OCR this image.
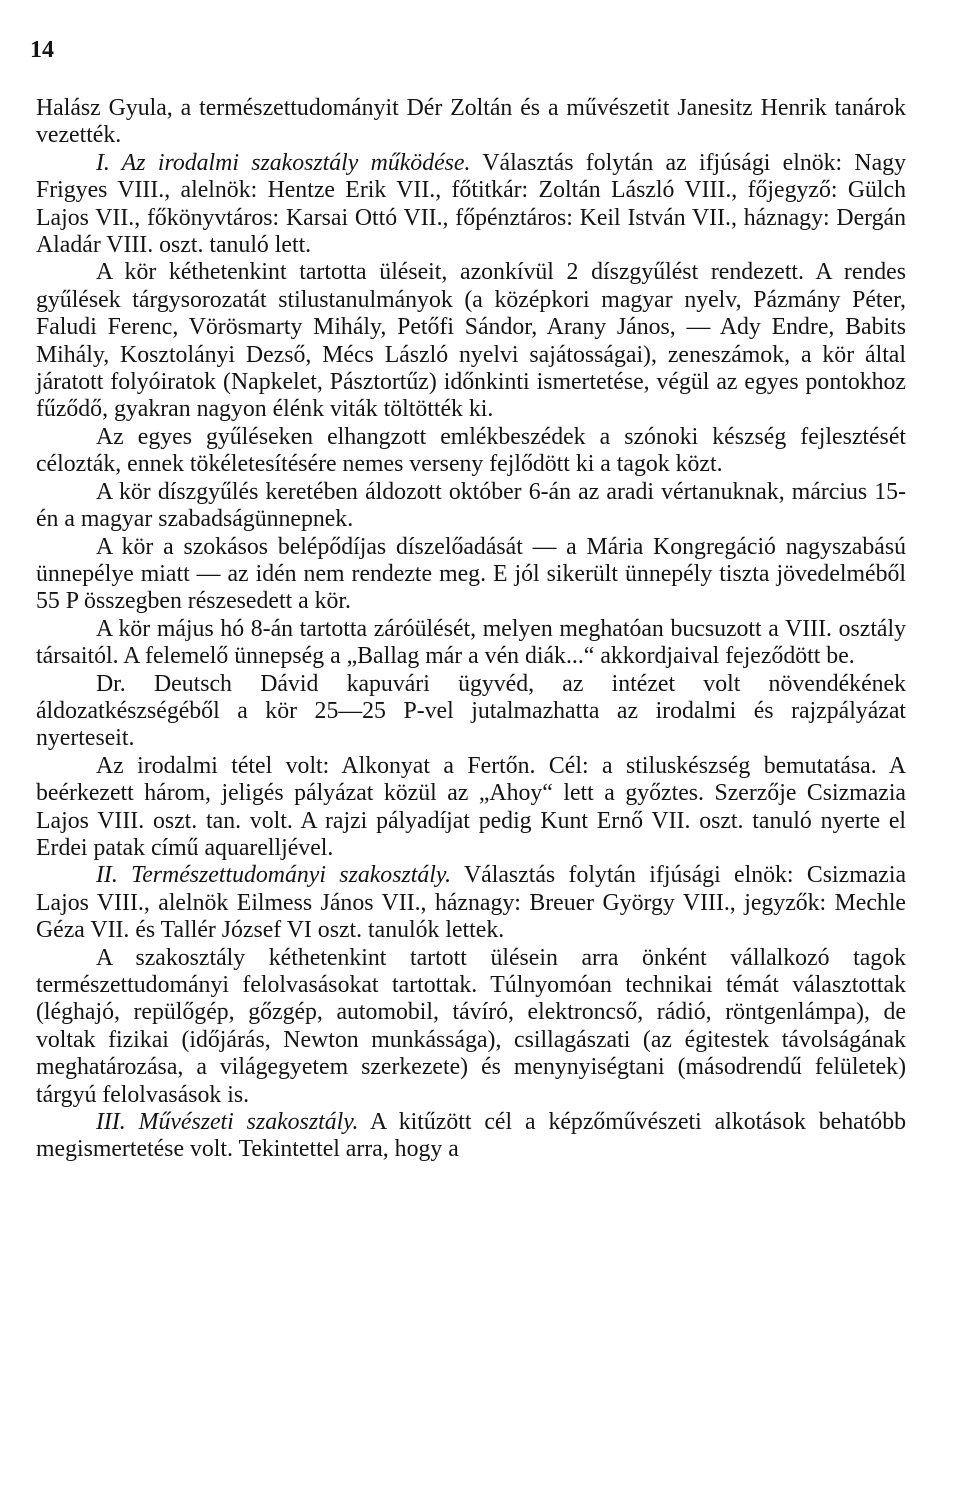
14

Halász Gyula, a természettudományit Dér Zoltán és a művészetit Janesitz Henrik tanárok vezették.

I. Az irodalmi szakosztály működése. Választás folytán az ifjúsági elnök: Nagy Frigyes VIII., alelnök: Hentze Erik VII., főtitkár: Zoltán László VIII., főjegyző: Gülch Lajos VII., főkönyvtáros: Karsai Ottó VII., főpénztáros: Keil István VII., háznagy: Dergán Aladár VIII. oszt. tanuló lett.

A kör kéthetenkint tartotta üléseit, azonkívül 2 díszgyűlést rendezett. A rendes gyűlések tárgysorozatát stilustanulmányok (a középkori magyar nyelv, Pázmány Péter, Faludi Ferenc, Vörösmarty Mihály, Petőfi Sándor, Arany János, — Ady Endre, Babits Mihály, Kosztolányi Dezső, Mécs László nyelvi sajátosságai), zeneszámok, a kör által járatott folyóiratok (Napkelet, Pásztortűz) időnkinti ismertetése, végül az egyes pontokhoz fűződő, gyakran nagyon élénk viták töltötték ki.

Az egyes gyűléseken elhangzott emlékbeszédek a szónoki készség fejlesztését célozták, ennek tökéletesítésére nemes verseny fejlődött ki a tagok közt.

A kör díszgyűlés keretében áldozott október 6-án az aradi vértanuknak, március 15-én a magyar szabadságünnepnek.

A kör a szokásos belépődíjas díszelőadását — a Mária Kongregáció nagyszabású ünnepélye miatt — az idén nem rendezte meg. E jól sikerült ünnepély tiszta jövedelméből 55 P összegben részesedett a kör.

A kör május hó 8-án tartotta záróülését, melyen meghatóan bucsuzott a VIII. osztály társaitól. A felemelő ünnepség a „Ballag már a vén diák...“ akkordjaival fejeződött be.

Dr. Deutsch Dávid kapuvári ügyvéd, az intézet volt növendékének áldozatkészségéből a kör 25—25 P-vel jutalmazhatta az irodalmi és rajzpályázat nyerteseit.

Az irodalmi tétel volt: Alkonyat a Fertőn. Cél: a stiluskészség bemutatása. A beérkezett három, jeligés pályázat közül az „Ahoy“ lett a győztes. Szerzője Csizmazia Lajos VIII. oszt. tan. volt. A rajzi pályadíjat pedig Kunt Ernő VII. oszt. tanuló nyerte el Erdei patak című aquarelljével.

II. Természettudományi szakosztály. Választás folytán ifjúsági elnök: Csizmazia Lajos VIII., alelnök Eilmess János VII., háznagy: Breuer György VIII., jegyzők: Mechle Géza VII. és Tallér József VI oszt. tanulók lettek.

A szakosztály kéthetenkint tartott ülésein arra önként vállalkozó tagok természettudományi felolvasásokat tartottak. Túlnyomóan technikai témát választottak (léghajó, repülőgép, gőzgép, automobil, távíró, elektroncső, rádió, röntgenlámpa), de voltak fizikai (időjárás, Newton munkássága), csillagászati (az égitestek távolságának meghatározása, a világegyetem szerkezete) és menynyiségtani (másodrendű felületek) tárgyú felolvasások is.

III. Művészeti szakosztály. A kitűzött cél a képzőművészeti alkotások behatóbb megismertetése volt. Tekintettel arra, hogy a
